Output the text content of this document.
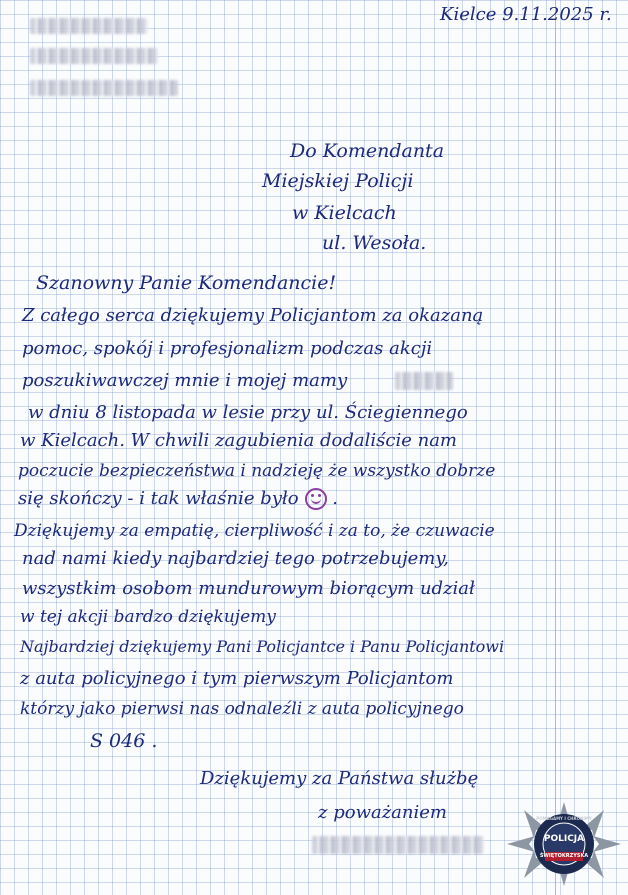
Kielce 9.11.2025 r.
Do Komendanta
Miejskiej Policji
w Kielcach
ul. Wesoła.
Szanowny Panie Komendancie!
Z całego serca dziękujemy Policjantom za okazaną
pomoc, spokój i profesjonalizm podczas akcji
poszukiwawczej mnie i mojej mamy
w dniu 8 listopada w lesie przy ul. Ściegiennego
w Kielcach. W chwili zagubienia dodaliście nam
poczucie bezpieczeństwa i nadzieję że wszystko dobrze
się skończy - i tak właśnie było
.
Dziękujemy za empatię, cierpliwość i za to, że czuwacie
nad nami kiedy najbardziej tego potrzebujemy,
wszystkim osobom mundurowym biorącym udział
w tej akcji bardzo dziękujemy
Najbardziej dziękujemy Pani Policjantce i Panu Policjantowi
z auta policyjnego i tym pierwszym Policjantom
którzy jako pierwsi nas odnaleźli z auta policyjnego
S 046 .
Dziękujemy za Państwa służbę
z poważaniem
POLICJA
ŚWIĘTOKRZYSKA
POMAGAMY I CHRONIMY
